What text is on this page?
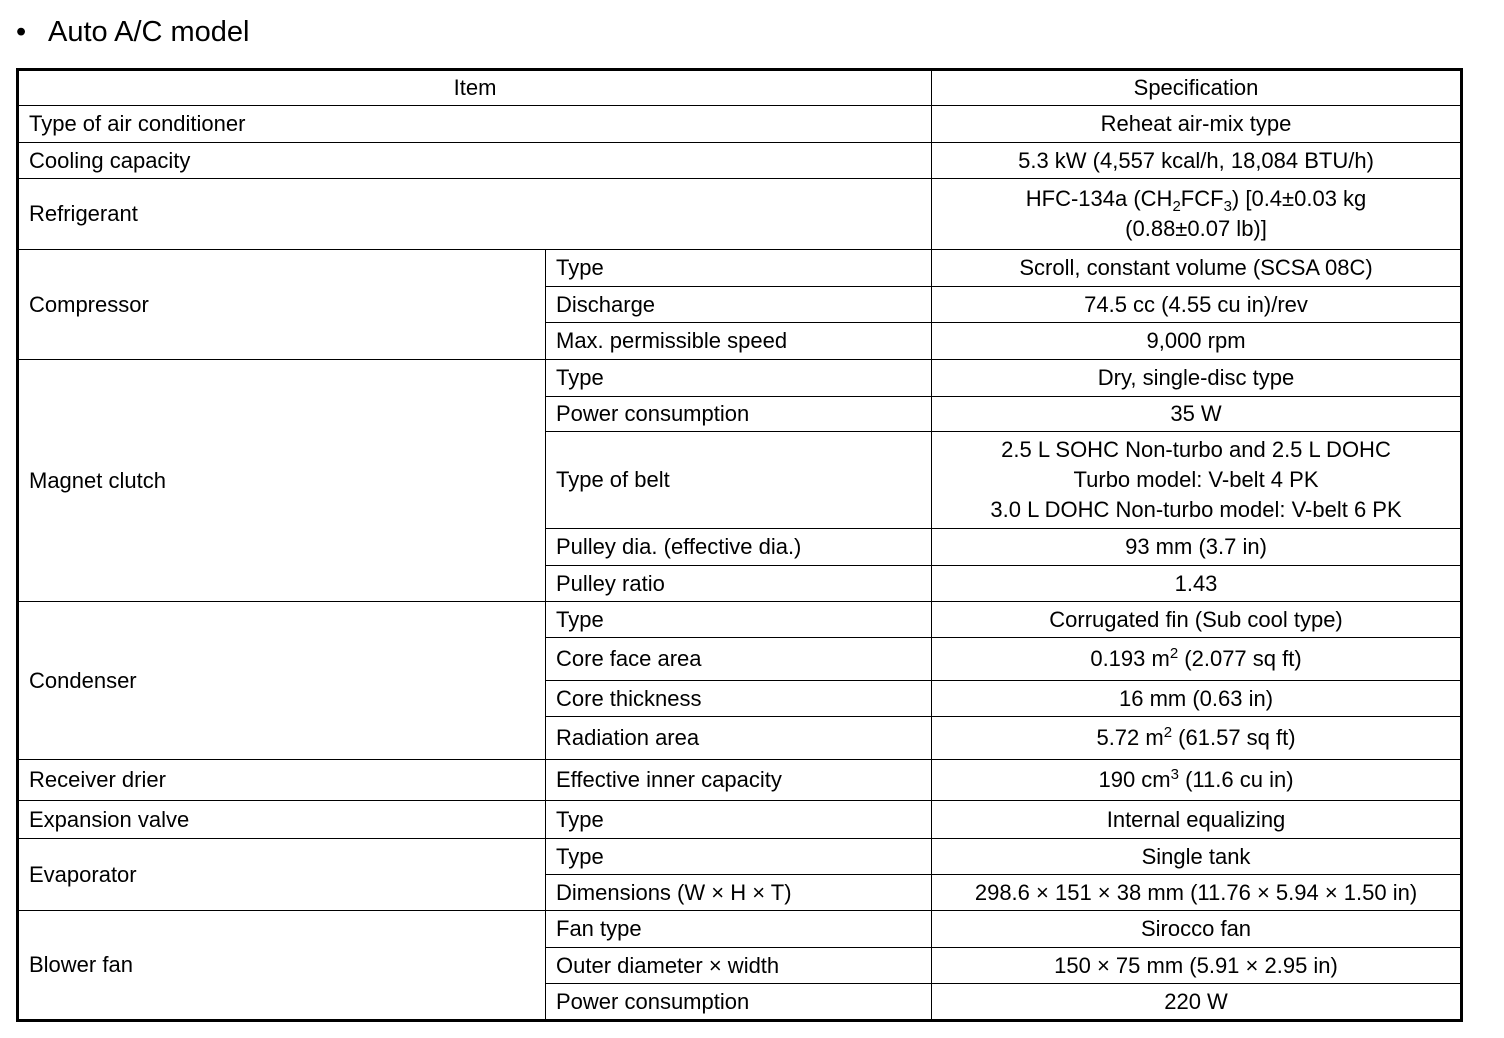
• Auto A/C model
Item		Specification
Type of air conditioner		Reheat air-mix type
Cooling capacity		5.3 kW (4,557 kcal/h, 18,084 BTU/h)
Refrigerant		HFC-134a $(CH_2FCF_3)$ [0.4±0.03 kg
(0.88±0.07 lb)]
Compressor	Type	Scroll, constant volume (SCSA 08C)
	Discharge	74.5 cc (4.55 cu in)/rev
	Max. permissible speed	9,000 rpm
Magnet clutch	Type	Dry, single-disc type
	Power consumption	35 W
	Type of belt	2.5 L SOHC Non-turbo and 2.5 L DOHC
Turbo model: V-belt 4 PK
3.0 L DOHC Non-turbo model: V-belt 6 PK
	Pulley dia. (effective dia.)	93 mm (3.7 in)
	Pulley ratio	1.43
Condenser	Type	Corrugated fin (Sub cool type)
	Core face area	0.193 $m^2$ (2.077 sq ft)
	Core thickness	16 mm (0.63 in)
	Radiation area	5.72 $m^2$ (61.57 sq ft)
Receiver drier	Effective inner capacity	190 $cm^3$ (11.6 cu in)
Expansion valve	Type	Internal equalizing
Evaporator	Type	Single tank
	Dimensions (W × H × T)	298.6 × 151 × 38 mm (11.76 × 5.94 × 1.50 in)
Blower fan	Fan type	Sirocco fan
	Outer diameter × width	150 × 75 mm (5.91 × 2.95 in)
	Power consumption	220 W
